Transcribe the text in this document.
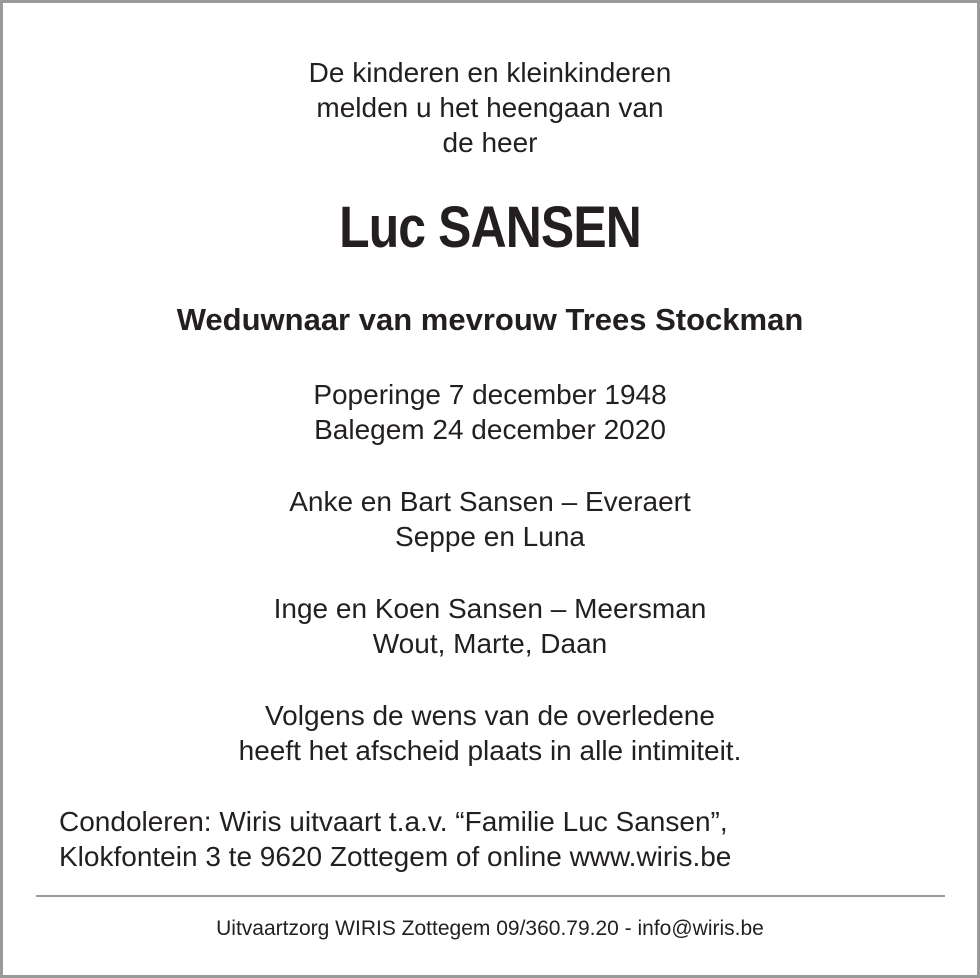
De kinderen en kleinkinderen
melden u het heengaan van
de heer
Luc SANSEN
Weduwnaar van mevrouw Trees Stockman
Poperinge 7 december 1948
Balegem 24 december 2020
Anke en Bart Sansen – Everaert
Seppe en Luna
Inge en Koen Sansen – Meersman
Wout, Marte, Daan
Volgens de wens van de overledene
heeft het afscheid plaats in alle intimiteit.
Condoleren: Wiris uitvaart t.a.v. “Familie Luc Sansen”,
Klokfontein 3 te 9620 Zottegem of online www.wiris.be
Uitvaartzorg WIRIS Zottegem 09/360.79.20 - info@wiris.be
